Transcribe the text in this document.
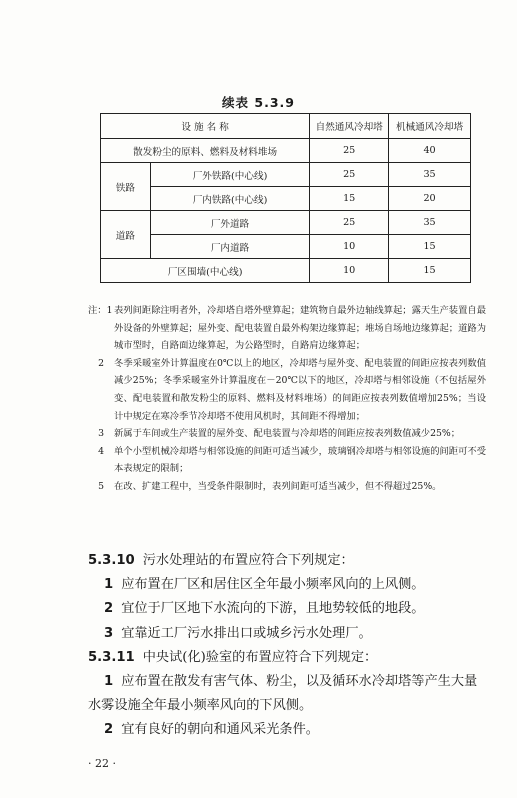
续表 5.3.9
设 施 名 称		自然通风冷却塔	机械通风冷却塔
散发粉尘的原料、燃料及材料堆场		25	40
铁路	厂外铁路(中心线)	25	35
	厂内铁路(中心线)	15	20
道路	厂外道路	25	35
	厂内道路	10	15
厂区围墙(中心线)		10	15
注：1 表列间距除注明者外，冷却塔自塔外壁算起；建筑物自最外边轴线算起；露天生产装置自最外设备的外壁算起；屋外变、配电装置自最外构架边缘算起；堆场自场地边缘算起；道路为城市型时，自路面边缘算起，为公路型时，自路肩边缘算起；
2	冬季采暖室外计算温度在0℃以上的地区，冷却塔与屋外变、配电装置的间距应按表列数值减少25%；冬季采暖室外计算温度在－20℃以下的地区，冷却塔与相邻设施（不包括屋外变、配电装置和散发粉尘的原料、燃料及材料堆场）的间距应按表列数值增加25%；当设计中规定在寒冷季节冷却塔不使用风机时，其间距不得增加；
3	新属于车间或生产装置的屋外变、配电装置与冷却塔的间距应按表列数值减少25%；
4	单个小型机械冷却塔与相邻设施的间距可适当减少，玻璃钢冷却塔与相邻设施的间距可不受本表规定的限制；
5	在改、扩建工程中，当受条件限制时，表列间距可适当减少，但不得超过25%。
5.3.10 污水处理站的布置应符合下列规定：
1 应布置在厂区和居住区全年最小频率风向的上风侧。
2 宜位于厂区地下水流向的下游，且地势较低的地段。
3 宜靠近工厂污水排出口或城乡污水处理厂。
5.3.11 中央试(化)验室的布置应符合下列规定：
1 应布置在散发有害气体、粉尘，以及循环水冷却塔等产生大量水雾设施全年最小频率风向的下风侧。
2 宜有良好的朝向和通风采光条件。
· 22 ·
